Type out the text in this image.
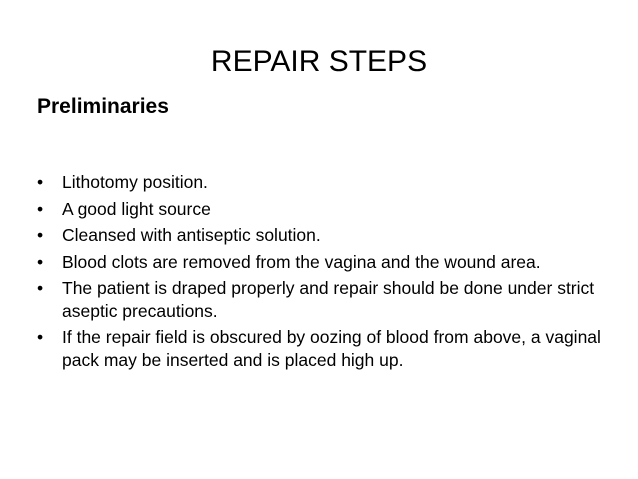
REPAIR STEPS
Preliminaries
•	Lithotomy position.
•	A good light source
•	Cleansed with antiseptic solution.
•	Blood clots are removed from the vagina and the wound area.
•	The patient is draped properly and repair should be done under strict aseptic precautions.
•	If the repair field is obscured by oozing of blood from above, a vaginal pack may be inserted and is placed high up.
